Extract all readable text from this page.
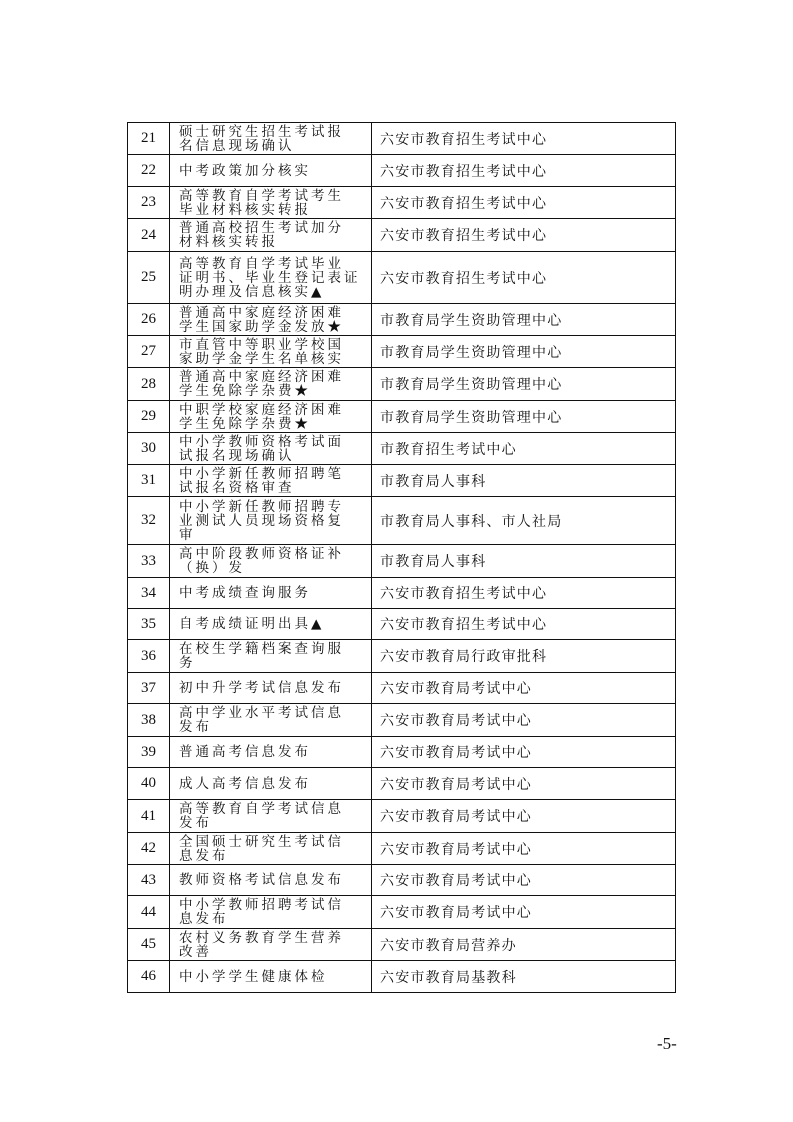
21	硕士研究生招生考试报
名信息现场确认	六安市教育招生考试中心
22	中考政策加分核实	六安市教育招生考试中心
23	高等教育自学考试考生
毕业材料核实转报	六安市教育招生考试中心
24	普通高校招生考试加分
材料核实转报	六安市教育招生考试中心
25	高等教育自学考试毕业
证明书、毕业生登记表证
明办理及信息核实▲	六安市教育招生考试中心
26	普通高中家庭经济困难
学生国家助学金发放★	市教育局学生资助管理中心
27	市直管中等职业学校国
家助学金学生名单核实	市教育局学生资助管理中心
28	普通高中家庭经济困难
学生免除学杂费★	市教育局学生资助管理中心
29	中职学校家庭经济困难
学生免除学杂费★	市教育局学生资助管理中心
30	中小学教师资格考试面
试报名现场确认	市教育招生考试中心
31	中小学新任教师招聘笔
试报名资格审查	市教育局人事科
32	中小学新任教师招聘专
业测试人员现场资格复
审	市教育局人事科、市人社局
33	高中阶段教师资格证补
（换）发	市教育局人事科
34	中考成绩查询服务	六安市教育招生考试中心
35	自考成绩证明出具▲	六安市教育招生考试中心
36	在校生学籍档案查询服
务	六安市教育局行政审批科
37	初中升学考试信息发布	六安市教育局考试中心
38	高中学业水平考试信息
发布	六安市教育局考试中心
39	普通高考信息发布	六安市教育局考试中心
40	成人高考信息发布	六安市教育局考试中心
41	高等教育自学考试信息
发布	六安市教育局考试中心
42	全国硕士研究生考试信
息发布	六安市教育局考试中心
43	教师资格考试信息发布	六安市教育局考试中心
44	中小学教师招聘考试信
息发布	六安市教育局考试中心
45	农村义务教育学生营养
改善	六安市教育局营养办
46	中小学学生健康体检	六安市教育局基教科
-5-
